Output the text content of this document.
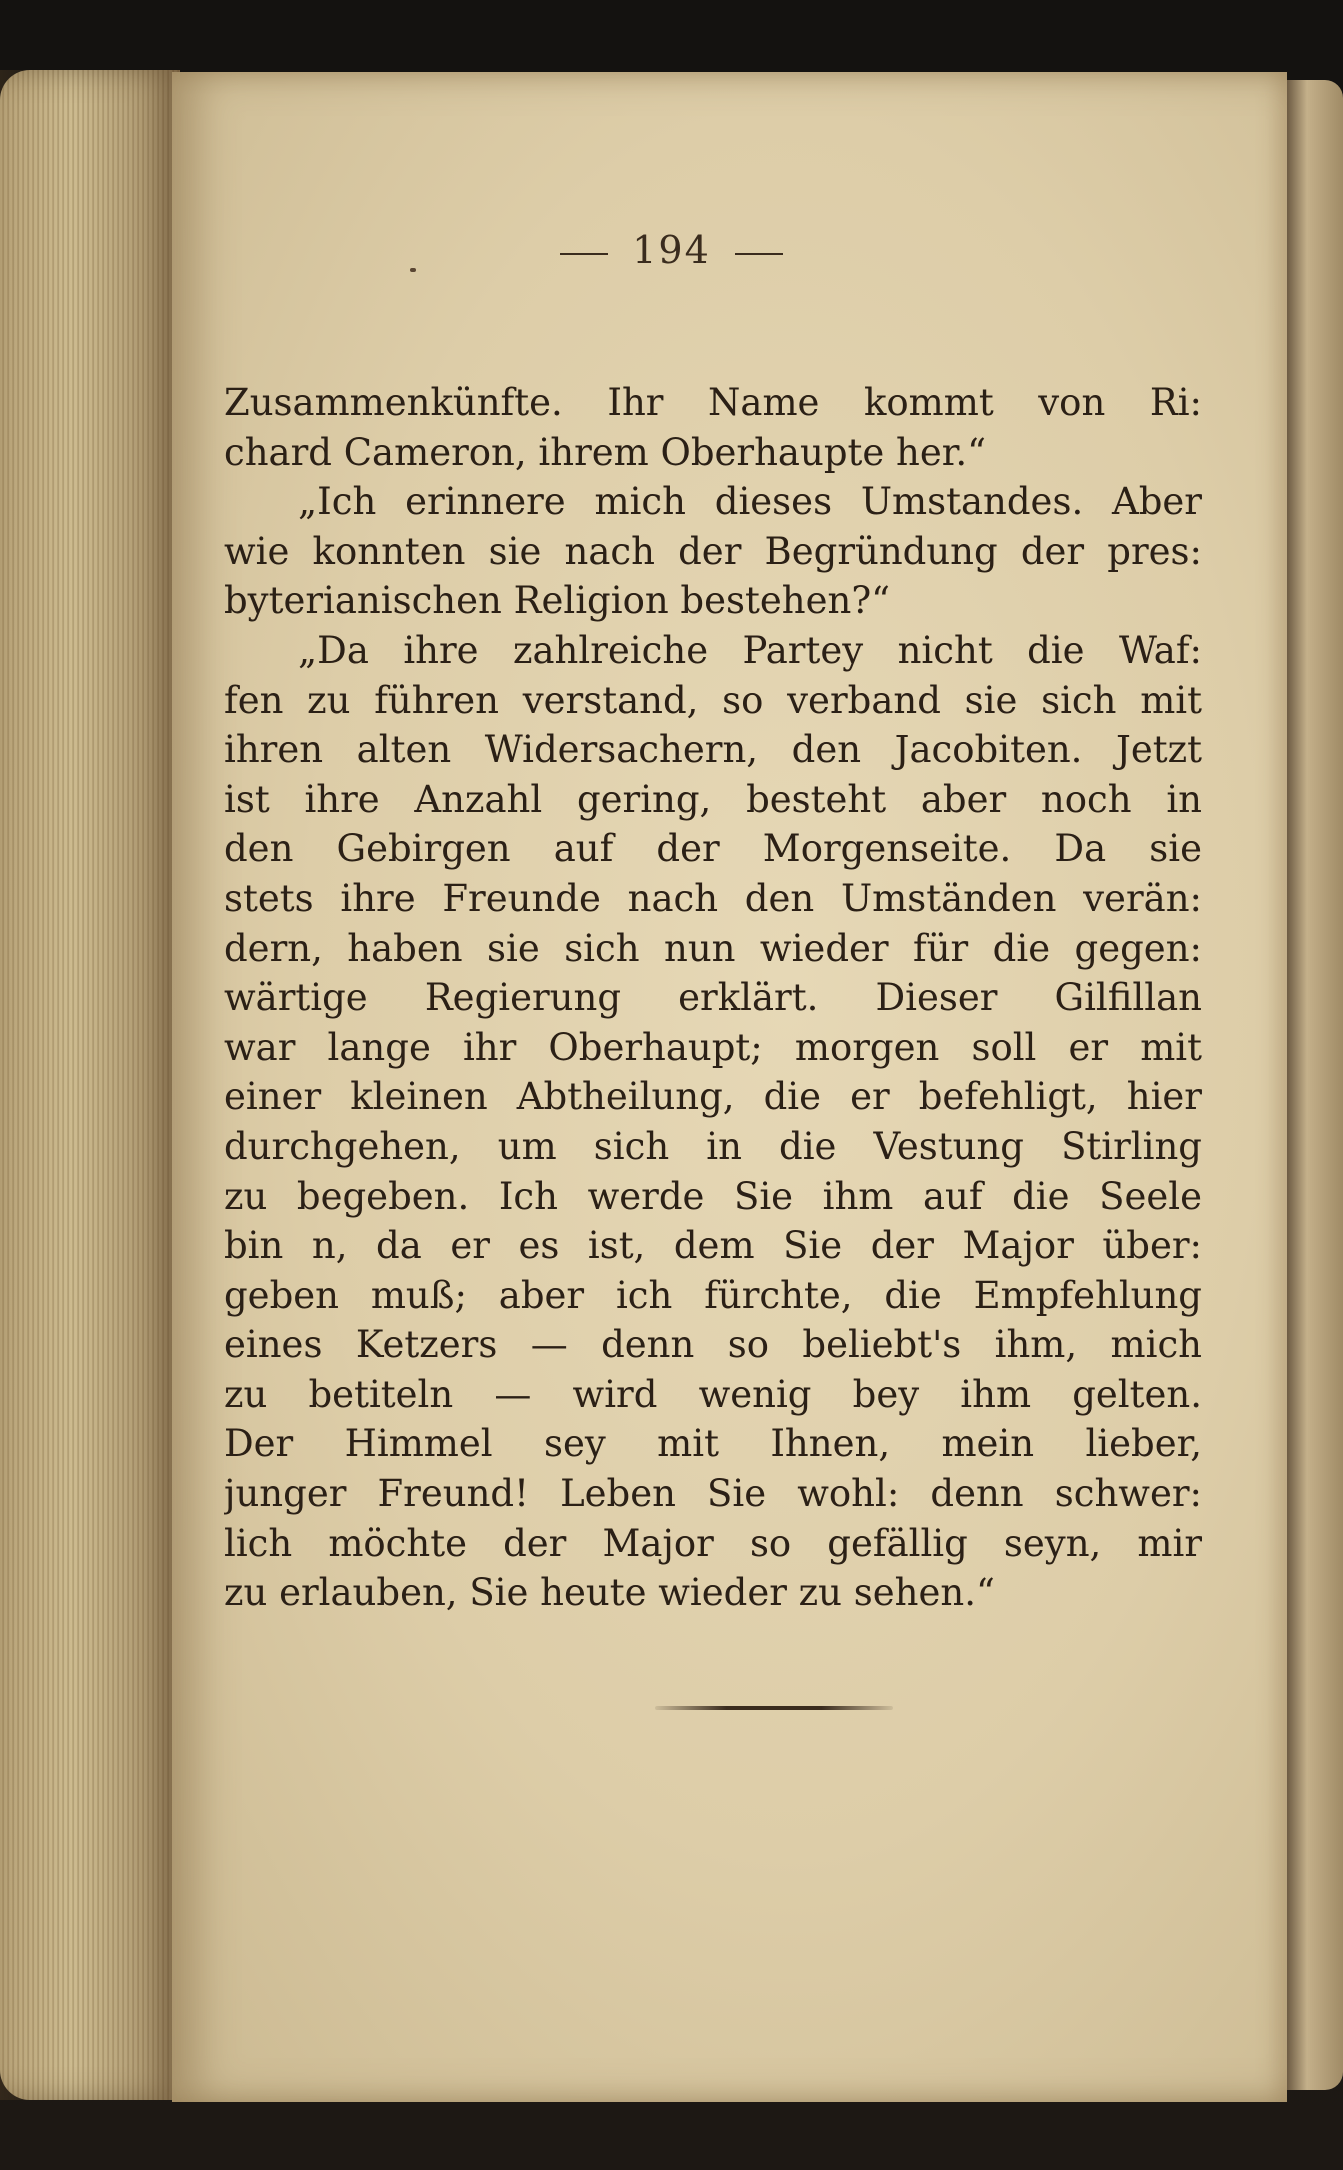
194
Zusammenkünfte. Ihr Name kommt von Ri:
chard Cameron, ihrem Oberhaupte her.“
„Ich erinnere mich dieses Umstandes. Aber
wie konnten sie nach der Begründung der pres:
byterianischen Religion bestehen?“
„Da ihre zahlreiche Partey nicht die Waf:
fen zu führen verstand, so verband sie sich mit
ihren alten Widersachern, den Jacobiten. Jetzt
ist ihre Anzahl gering, besteht aber noch in
den Gebirgen auf der Morgenseite. Da sie
stets ihre Freunde nach den Umständen verän:
dern, haben sie sich nun wieder für die gegen:
wärtige Regierung erklärt. Dieser Gilfillan
war lange ihr Oberhaupt; morgen soll er mit
einer kleinen Abtheilung, die er befehligt, hier
durchgehen, um sich in die Vestung Stirling
zu begeben. Ich werde Sie ihm auf die Seele
bin n, da er es ist, dem Sie der Major über:
geben muß; aber ich fürchte, die Empfehlung
eines Ketzers — denn so beliebt's ihm, mich
zu betiteln — wird wenig bey ihm gelten.
Der Himmel sey mit Ihnen, mein lieber,
junger Freund! Leben Sie wohl: denn schwer:
lich möchte der Major so gefällig seyn, mir
zu erlauben, Sie heute wieder zu sehen.“
